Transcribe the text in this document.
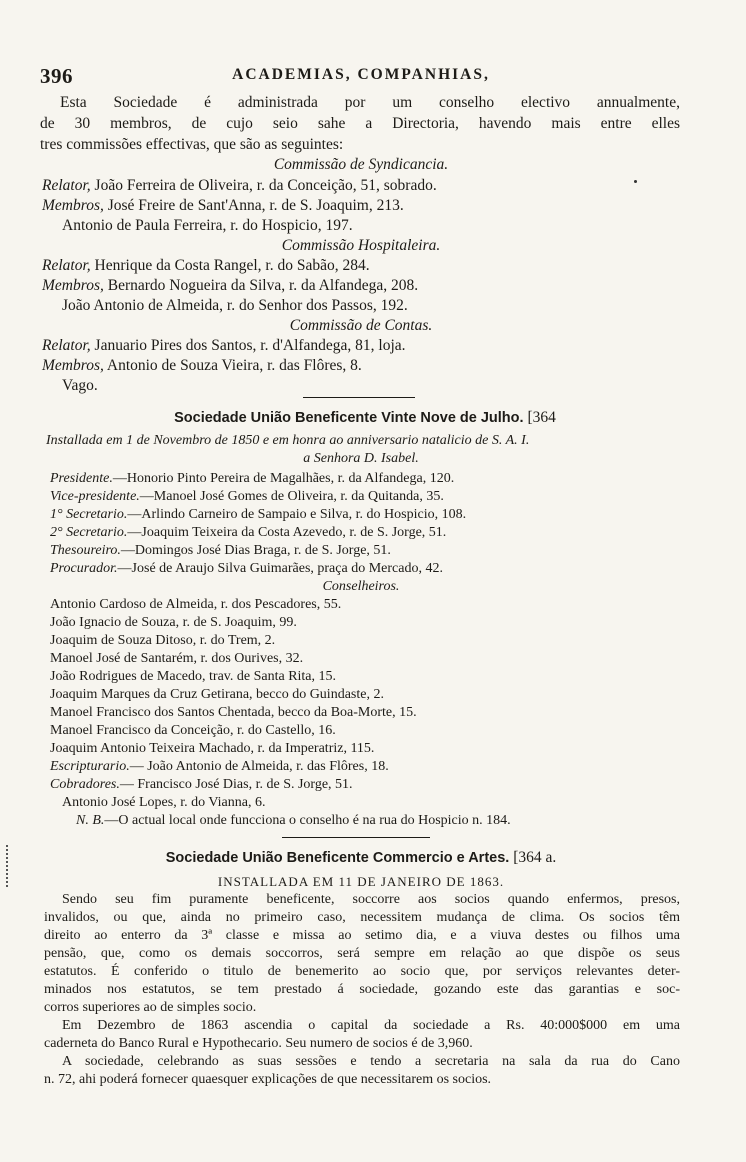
396	ACADEMIAS, COMPANHIAS,
Esta Sociedade é administrada por um conselho electivo annualmente,
de 30 membros, de cujo seio sahe a Directoria, havendo mais entre elles
tres commissões effectivas, que são as seguintes:
Commissão de Syndicancia.
Relator, João Ferreira de Oliveira, r. da Conceição, 51, sobrado.
Membros, José Freire de Sant'Anna, r. de S. Joaquim, 213.
Antonio de Paula Ferreira, r. do Hospicio, 197.
Commissão Hospitaleira.
Relator, Henrique da Costa Rangel, r. do Sabão, 284.
Membros, Bernardo Nogueira da Silva, r. da Alfandega, 208.
João Antonio de Almeida, r. do Senhor dos Passos, 192.
Commissão de Contas.
Relator, Januario Pires dos Santos, r. d'Alfandega, 81, loja.
Membros, Antonio de Souza Vieira, r. das Flôres, 8.
Vago.
Sociedade União Beneficente Vinte Nove de Julho. [364
Installada em 1 de Novembro de 1850 e em honra ao anniversario natalicio de S. A. I.
a Senhora D. Isabel.
Presidente.—Honorio Pinto Pereira de Magalhães, r. da Alfandega, 120.
Vice-presidente.—Manoel José Gomes de Oliveira, r. da Quitanda, 35.
1° Secretario.—Arlindo Carneiro de Sampaio e Silva, r. do Hospicio, 108.
2° Secretario.—Joaquim Teixeira da Costa Azevedo, r. de S. Jorge, 51.
Thesoureiro.—Domingos José Dias Braga, r. de S. Jorge, 51.
Procurador.—José de Araujo Silva Guimarães, praça do Mercado, 42.
Conselheiros.
Antonio Cardoso de Almeida, r. dos Pescadores, 55.
João Ignacio de Souza, r. de S. Joaquim, 99.
Joaquim de Souza Ditoso, r. do Trem, 2.
Manoel José de Santarém, r. dos Ourives, 32.
João Rodrigues de Macedo, trav. de Santa Rita, 15.
Joaquim Marques da Cruz Getirana, becco do Guindaste, 2.
Manoel Francisco dos Santos Chentada, becco da Boa-Morte, 15.
Manoel Francisco da Conceição, r. do Castello, 16.
Joaquim Antonio Teixeira Machado, r. da Imperatriz, 115.
Escripturario.— João Antonio de Almeida, r. das Flôres, 18.
Cobradores.— Francisco José Dias, r. de S. Jorge, 51.
Antonio José Lopes, r. do Vianna, 6.
N. B.—O actual local onde funcciona o conselho é na rua do Hospicio n. 184.
Sociedade União Beneficente Commercio e Artes. [364 a.
INSTALLADA EM 11 DE JANEIRO DE 1863.
Sendo seu fim puramente beneficente, soccorre aos socios quando enfermos, presos,
invalidos, ou que, ainda no primeiro caso, necessitem mudança de clima. Os socios têm
direito ao enterro da 3ª classe e missa ao setimo dia, e a viuva destes ou filhos uma
pensão, que, como os demais soccorros, será sempre em relação ao que dispõe os seus
estatutos. É conferido o titulo de benemerito ao socio que, por serviços relevantes deter-
minados nos estatutos, se tem prestado á sociedade, gozando este das garantias e soc-
corros superiores ao de simples socio.
Em Dezembro de 1863 ascendia o capital da sociedade a Rs. 40:000$000 em uma
caderneta do Banco Rural e Hypothecario. Seu numero de socios é de 3,960.
A sociedade, celebrando as suas sessões e tendo a secretaria na sala da rua do Cano
n. 72, ahi poderá fornecer quaesquer explicações de que necessitarem os socios.
